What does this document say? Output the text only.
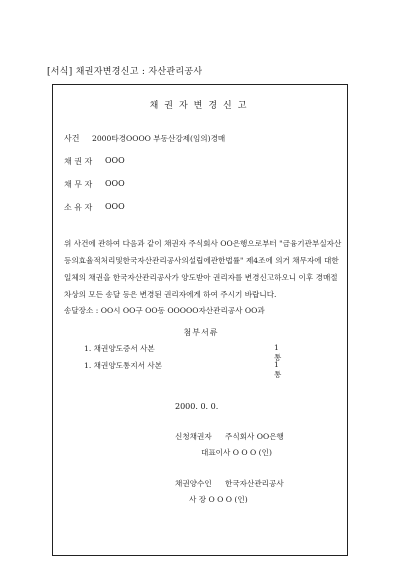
[서식] 채권자변경신고 : 자산관리공사
채권자변경신고
사건 2000타경OOOO 부동산강제(임의)경매
채 권 자 OOO
채 무 자 OOO
소 유 자 OOO
위 사건에 관하여 다음과 같이 채권자 주식회사 OO은행으로부터 "금융기관부실자산등의효율적처리및한국자산관리공사의설립에관한법률" 제4조에 의거 채무자에 대한 일체의 채권을 한국자산관리공사가 양도받아 권리자를 변경신고하오니 이후 경매절차상의 모든 송달 등은 변경된 권리자에게 하여 주시기 바랍니다.
송달장소 : OO시 OO구 OO동 OOOOO자산관리공사 OO과
첨부서류
1. 채권양도증서 사본	1통
1. 채권양도통지서 사본	1통
2000. 0. 0.
신청채권자 주식회사 OO은행
대표이사 O O O (인)
채권양수인 한국자산관리공사
사 장 O O O (인)
